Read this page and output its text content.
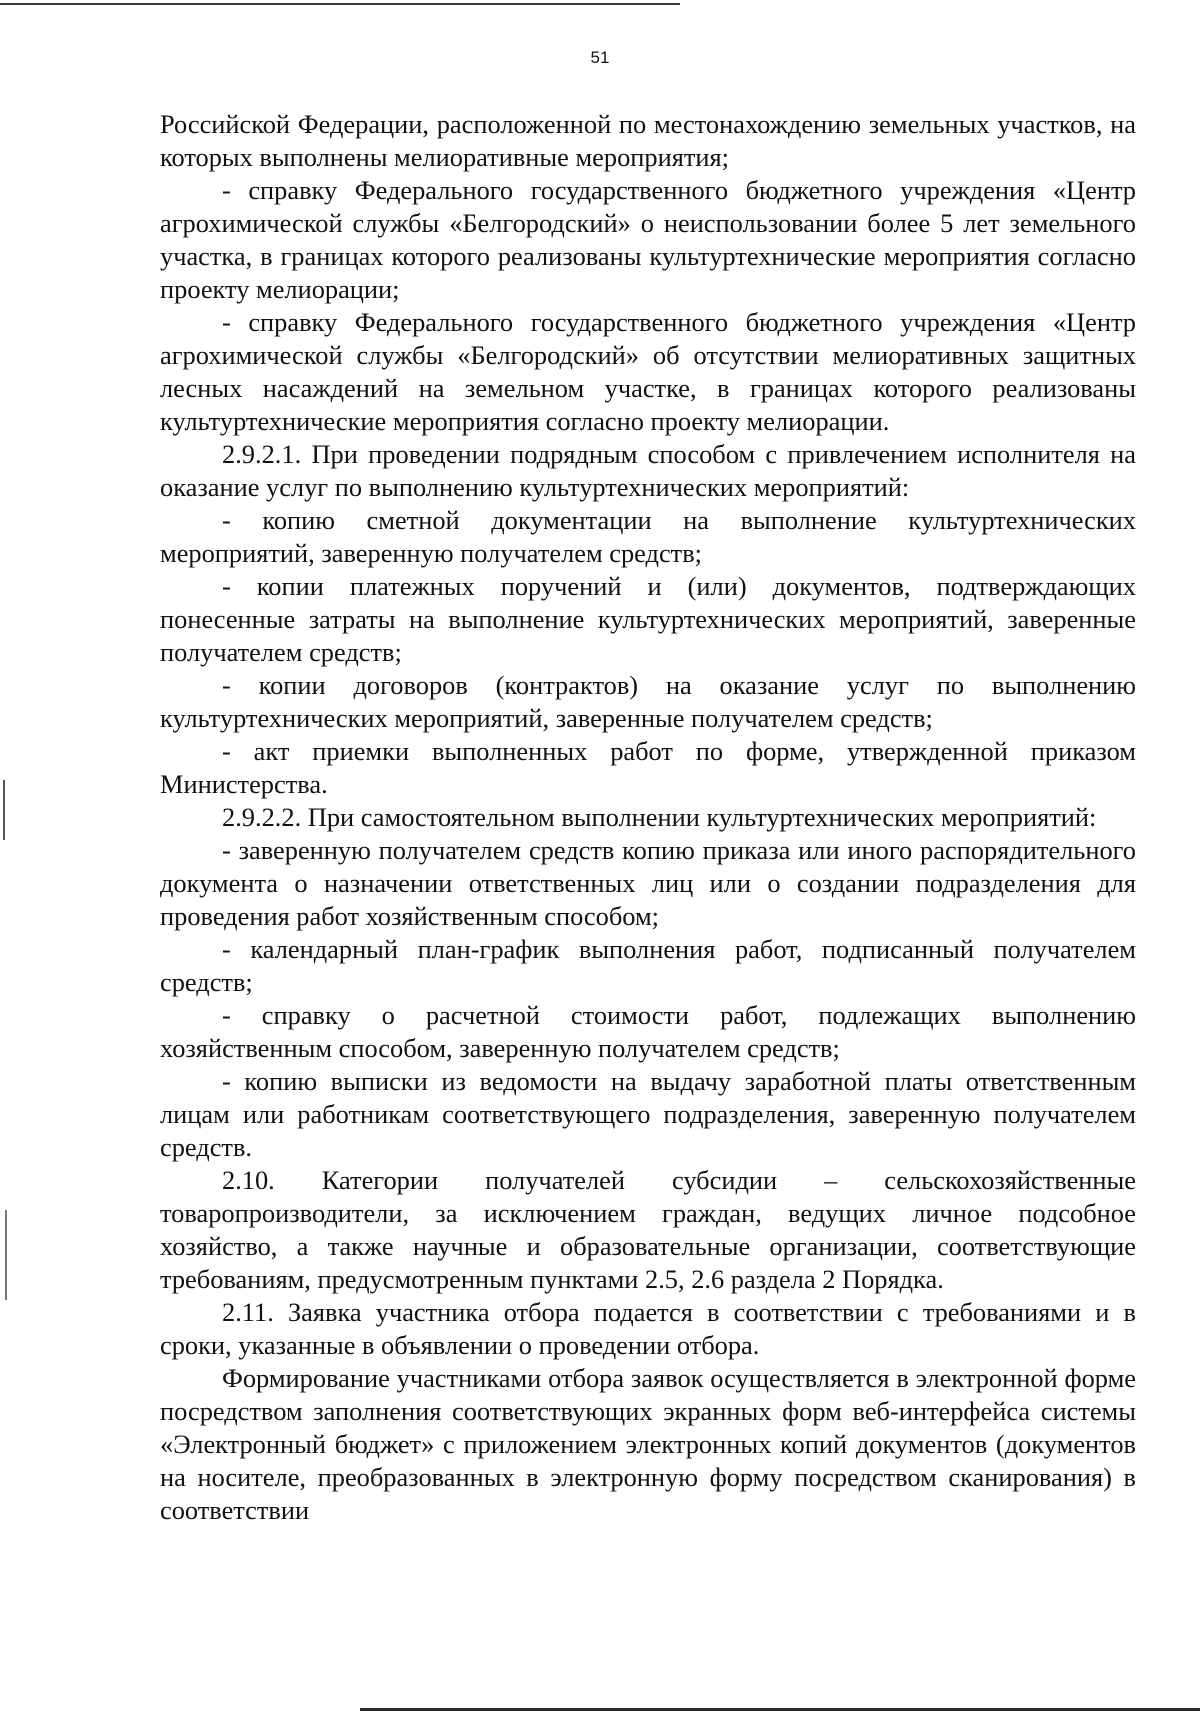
51

Российской Федерации, расположенной по местонахождению земельных участков, на которых выполнены мелиоративные мероприятия;

- справку Федерального государственного бюджетного учреждения «Центр агрохимической службы «Белгородский» о неиспользовании более 5 лет земельного участка, в границах которого реализованы культуртехнические мероприятия согласно проекту мелиорации;

- справку Федерального государственного бюджетного учреждения «Центр агрохимической службы «Белгородский» об отсутствии мелиоративных защитных лесных насаждений на земельном участке, в границах которого реализованы культуртехнические мероприятия согласно проекту мелиорации.

2.9.2.1. При проведении подрядным способом с привлечением исполнителя на оказание услуг по выполнению культуртехнических мероприятий:

- копию сметной документации на выполнение культуртехнических мероприятий, заверенную получателем средств;

- копии платежных поручений и (или) документов, подтверждающих понесенные затраты на выполнение культуртехнических мероприятий, заверенные получателем средств;

- копии договоров (контрактов) на оказание услуг по выполнению культуртехнических мероприятий, заверенные получателем средств;

- акт приемки выполненных работ по форме, утвержденной приказом Министерства.

2.9.2.2. При самостоятельном выполнении культуртехнических мероприятий:

- заверенную получателем средств копию приказа или иного распорядительного документа о назначении ответственных лиц или о создании подразделения для проведения работ хозяйственным способом;

- календарный план-график выполнения работ, подписанный получателем средств;

- справку о расчетной стоимости работ, подлежащих выполнению хозяйственным способом, заверенную получателем средств;

- копию выписки из ведомости на выдачу заработной платы ответственным лицам или работникам соответствующего подразделения, заверенную получателем средств.

2.10. Категории получателей субсидии – сельскохозяйственные товаропроизводители, за исключением граждан, ведущих личное подсобное хозяйство, а также научные и образовательные организации, соответствующие требованиям, предусмотренным пунктами 2.5, 2.6 раздела 2 Порядка.

2.11. Заявка участника отбора подается в соответствии с требованиями и в сроки, указанные в объявлении о проведении отбора.

Формирование участниками отбора заявок осуществляется в электронной форме посредством заполнения соответствующих экранных форм веб-интерфейса системы «Электронный бюджет» с приложением электронных копий документов (документов на носителе, преобразованных в электронную форму посредством сканирования) в соответствии
